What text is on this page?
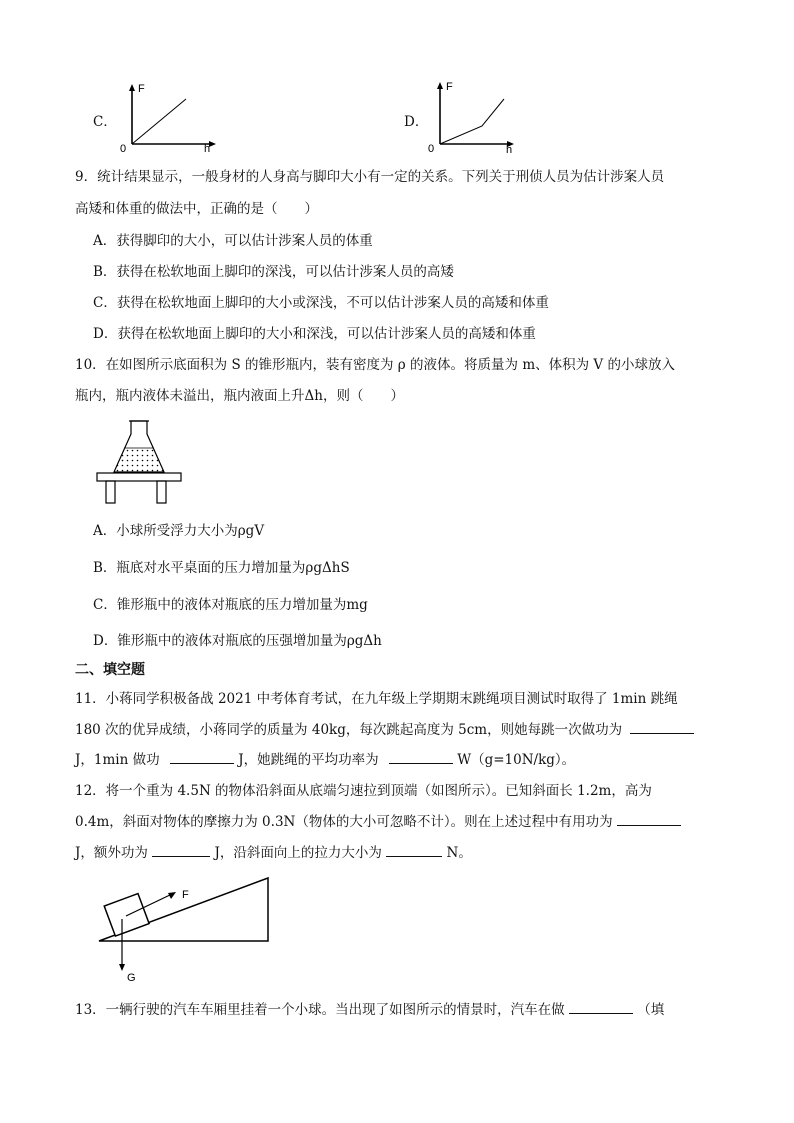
C．
F
h
0
D．
F
h
0
9．统计结果显示，一般身材的人身高与脚印大小有一定的关系。下列关于刑侦人员为估计涉案人员
高矮和体重的做法中，正确的是（　　）
A．获得脚印的大小，可以估计涉案人员的体重
B．获得在松软地面上脚印的深浅，可以估计涉案人员的高矮
C．获得在松软地面上脚印的大小或深浅，不可以估计涉案人员的高矮和体重
D．获得在松软地面上脚印的大小和深浅，可以估计涉案人员的高矮和体重
10．在如图所示底面积为 S 的锥形瓶内，装有密度为 ρ 的液体。将质量为 m、体积为 V 的小球放入
瓶内，瓶内液体未溢出，瓶内液面上升Δh，则（　　）
A．小球所受浮力大小为ρgV
B．瓶底对水平桌面的压力增加量为ρgΔhS
C．锥形瓶中的液体对瓶底的压力增加量为mg
D．锥形瓶中的液体对瓶底的压强增加量为ρgΔh
二、填空题
11．小蒋同学积极备战 2021 中考体育考试，在九年级上学期期末跳绳项目测试时取得了 1min 跳绳
180 次的优异成绩，小蒋同学的质量为 40kg，每次跳起高度为 5cm，则她每跳一次做功为
J，1min 做功	J，她跳绳的平均功率为	W（g=10N/kg）。
12．将一个重为 4.5N 的物体沿斜面从底端匀速拉到顶端（如图所示）。已知斜面长 1.2m，高为
0.4m，斜面对物体的摩擦力为 0.3N（物体的大小可忽略不计）。则在上述过程中有用功为
J，额外功为	J，沿斜面向上的拉力大小为	N。
F
G
13．一辆行驶的汽车车厢里挂着一个小球。当出现了如图所示的情景时，汽车在做	（填
